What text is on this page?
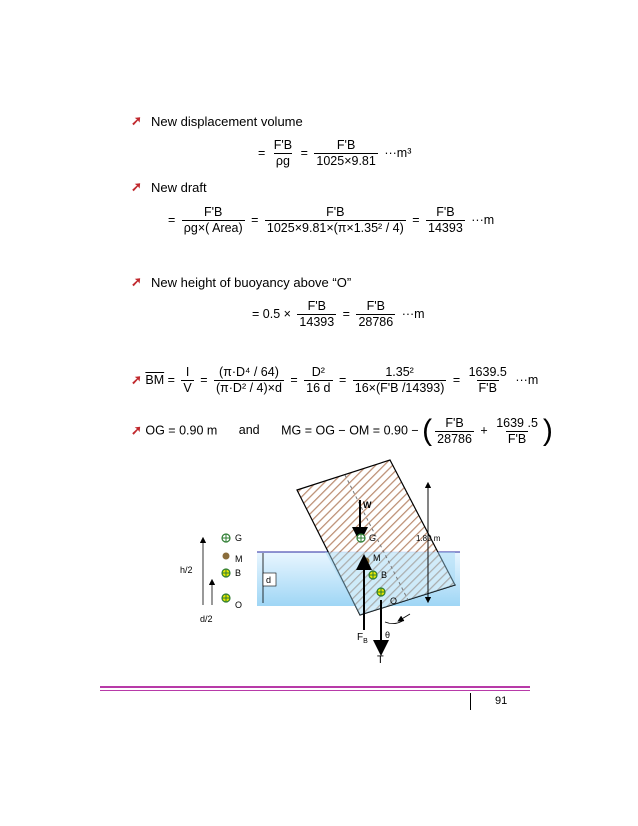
➚ New displacement volume
= $\frac{F'B}{\rho g} = \frac{F'B}{1025\times 9.81} \cdot\cdot\cdot m^3$
➚ New draft
= $\frac{F'B}{\text{ρg×( Area)}} = \frac{F'B}{\text{1025×9.81×(π×1.35² / 4)}} = \frac{F'B}{14393} \cdot\cdot\cdot m$
➚ New height of buoyancy above “O”
= $0.5 \times \frac{F'B}{14393} = \frac{F'B}{28786} \cdot\cdot\cdot m$
➚ $\overline{BM} = \frac{I}{V} = \frac{\text{(π·D⁴ / 64)}}{\text{(π·D² / 4)×d}} = \frac{\text{D²}}{16 d} = \frac{\text{1.35²}}{16\times(F'B /14393)} = \frac{1639.5}{F'B} \cdot\cdot\cdot m$
➚ OG = 0.90 m and MG = OG − OM = 0.90 − ( $\frac{F'B}{28786} + \frac{1639 .5}{F'B}$ )
W
G
M
B
$F_B$
O
T
θ
1.80 m
d
G
M
B
O
h/2
d/2
91
